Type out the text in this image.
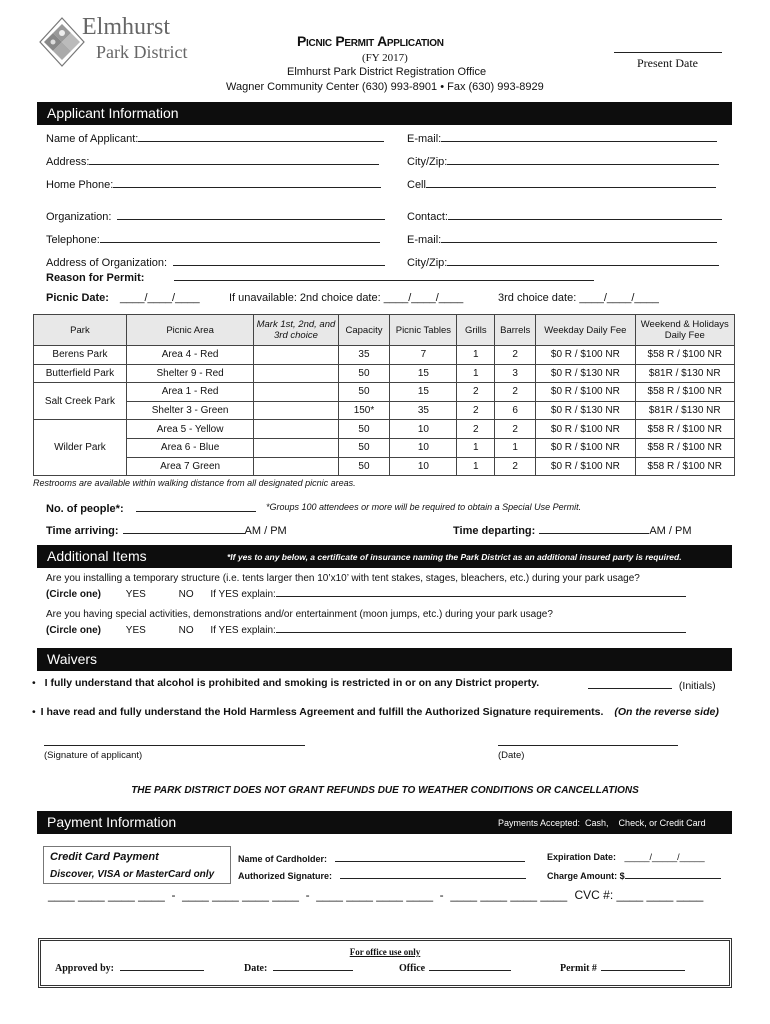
Elmhurst
Park District
Picnic Permit Application
(FY 2017)
Elmhurst Park District Registration Office
Wagner Community Center (630) 993-8901 • Fax (630) 993-8929
Present Date
Applicant Information
Name of Applicant:	E-mail:
Address:	City/Zip:
Home Phone:	Cell
Organization:	Contact:
Telephone:	E-mail:
Address of Organization:	City/Zip:
Reason for Permit:
Picnic Date: ____/____/____	If unavailable: 2nd choice date: ____/____/____	3rd choice date: ____/____/____
Park	Picnic Area	Mark 1st, 2nd, and 3rd choice	Capacity	Picnic Tables	Grills	Barrels	Weekday Daily Fee	Weekend & Holidays Daily Fee
Berens Park	Area 4 - Red		35	7	1	2	$0 R / $100 NR	$58 R / $100 NR
Butterfield Park	Shelter 9 - Red		50	15	1	3	$0 R / $130 NR	$81R / $130 NR
Salt Creek Park	Area 1 - Red		50	15	2	2	$0 R / $100 NR	$58 R / $100 NR
	Shelter 3 - Green		150*	35	2	6	$0 R / $130 NR	$81R / $130 NR
Wilder Park	Area 5 - Yellow		50	10	2	2	$0 R / $100 NR	$58 R / $100 NR
	Area 6 - Blue		50	10	1	1	$0 R / $100 NR	$58 R / $100 NR
	Area 7 Green		50	10	1	2	$0 R / $100 NR	$58 R / $100 NR
Restrooms are available within walking distance from all designated picnic areas.
No. of people*:	*Groups 100 attendees or more will be required to obtain a Special Use Permit.
Time arriving:	AM / PM	Time departing:	AM / PM
Additional Items	*If yes to any below, a certificate of insurance naming the Park District as an additional insured party is required.
Are you installing a temporary structure (i.e. tents larger then 10’x10’ with tent stakes, stages, bleachers, etc.) during your park usage?
(Circle one) YES	NO If YES explain:
Are you having special activities, demonstrations and/or entertainment (moon jumps, etc.) during your park usage?
(Circle one) YES	NO If YES explain:
Waivers
• I fully understand that alcohol is prohibited and smoking is restricted in or on any District property.	(Initials)
• I have read and fully understand the Hold Harmless Agreement and fulfill the Authorized Signature requirements. (On the reverse side)
(Signature of applicant)	(Date)
THE PARK DISTRICT DOES NOT GRANT REFUNDS DUE TO WEATHER CONDITIONS OR CANCELLATIONS
Payment Information	Payments Accepted:  Cash,    Check, or Credit Card
Credit Card Payment
Discover, VISA or MasterCard only
Name of Cardholder:
Authorized Signature:
Expiration Date: _____/_____/_____
Charge Amount: $
____ ____ ____ ____  -  ____ ____ ____ ____  -  ____ ____ ____ ____  -  ____ ____ ____ ____ CVC #: ____ ____ ____
For office use only
Approved by:	Date:	Office	Permit #
